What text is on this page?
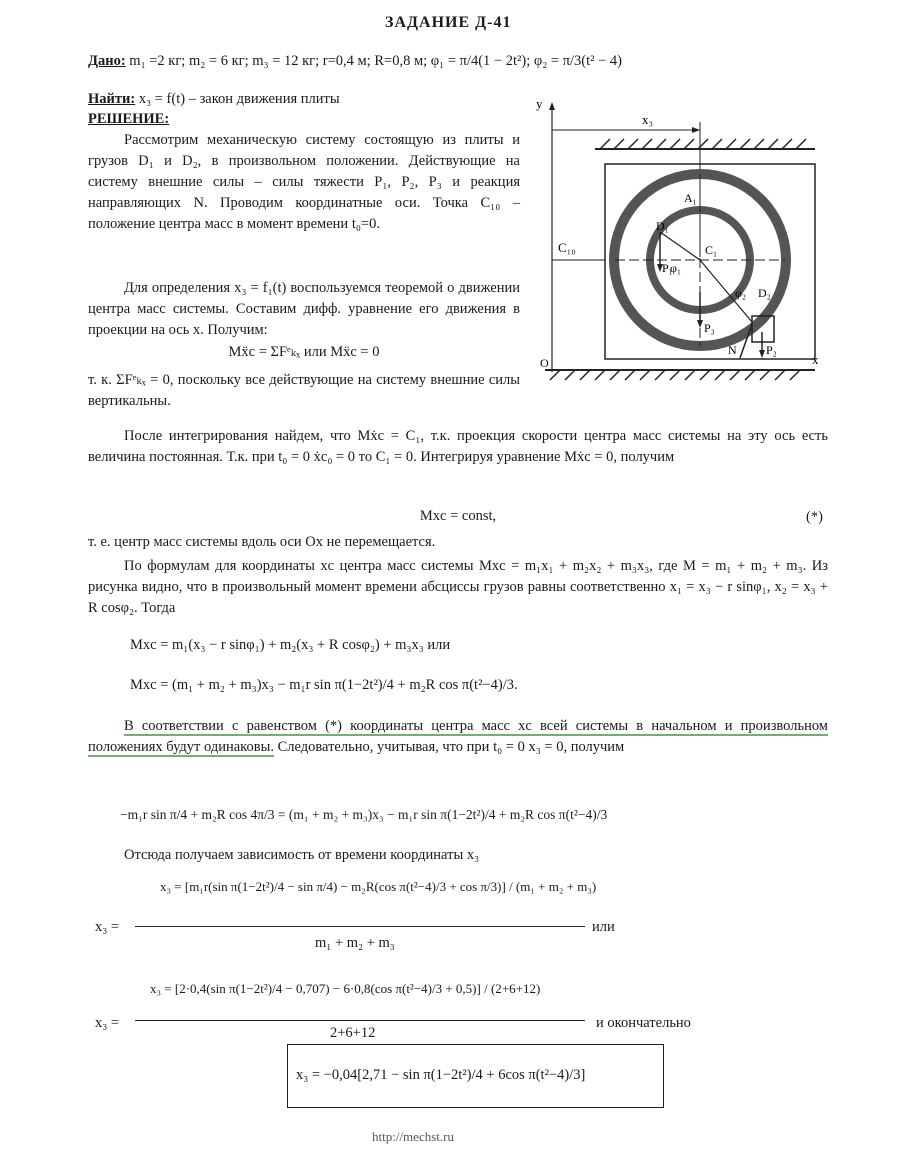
ЗАДАНИЕ Д-41
Дано: m₁ =2 кг; m₂ = 6 кг; m₃ = 12 кг; r=0,4 м; R=0,8 м; φ₁ = π/4(1 − 2t²); φ₂ = π/3(t² − 4)
Найти: x₃ = f(t) – закон движения плиты
РЕШЕНИЕ:
Рассмотрим механическую систему состоящую из плиты и грузов D₁ и D₂, в произвольном положении. Действующие на систему внешние силы – силы тяжести P₁, P₂, P₃ и реакция направляющих N. Проводим координатные оси. Точка C₁₀ – положение центра масс в момент времени t₀=0.
Для определения x₃ = f₁(t) воспользуемся теоремой о движении центра масс системы. Составим дифф. уравнение его движения в проекции на ось x. Получим:
Mẍc = ΣFᵉₖₓ или Mẍc = 0
т. к. ΣFᵉₖₓ = 0, поскольку все действующие на систему внешние силы вертикальны.
После интегрирования найдем, что Mẋc = C₁, т.к. проекция скорости центра масс системы на эту ось есть величина постоянная. Т.к. при t₀ = 0 ẋc₀ = 0 то C₁ = 0. Интегрируя уравнение Mẋc = 0, получим
Mxc = const,	(*)
т. е. центр масс системы вдоль оси Ox не перемещается.
По формулам для координаты xc центра масс системы Mxc = m₁x₁ + m₂x₂ + m₃x₃, где M = m₁ + m₂ + m₃. Из рисунка видно, что в произвольный момент времени абсциссы грузов равны соответственно x₁ = x₃ − r sinφ₁, x₂ = x₃ + R cosφ₂. Тогда
Mxc = m₁(x₃ − r sinφ₁) + m₂(x₃ + R cosφ₂) + m₃x₃ или
Mxc = (m₁ + m₂ + m₃)x₃ − m₁r sin π(1−2t²)/4 + m₂R cos π(t²−4)/3.
В соответствии с равенством (*) координаты центра масс xc всей системы в начальном и произвольном положениях будут одинаковы. Следовательно, учитывая, что при t₀ = 0 x₃ = 0, получим
−m₁r sin π/4 + m₂R cos 4π/3 = (m₁ + m₂ + m₃)x₃ − m₁r sin π(1−2t²)/4 + m₂R cos π(t²−4)/3
Отсюда получаем зависимость от времени координаты x₃
x₃ =
x₃ = [m₁r(sin π(1−2t²)/4 − sin π/4) − m₂R(cos π(t²−4)/3 + cos π/3)] / (m₁ + m₂ + m₃)
m₁ + m₂ + m₃
или
x₃ =
x₃ = [2·0,4(sin π(1−2t²)/4 − 0,707) − 6·0,8(cos π(t²−4)/3 + 0,5)] / (2+6+12)
2+6+12
и окончательно
x₃ = −0,04[2,71 − sin π(1−2t²)/4 + 6cos π(t²−4)/3]
http://mechst.ru
y
x
x₃
C₁₀	C₁
A₁
D₁
φ₁
φ₂ D₂
P₁
P₃
P₂
N
O
